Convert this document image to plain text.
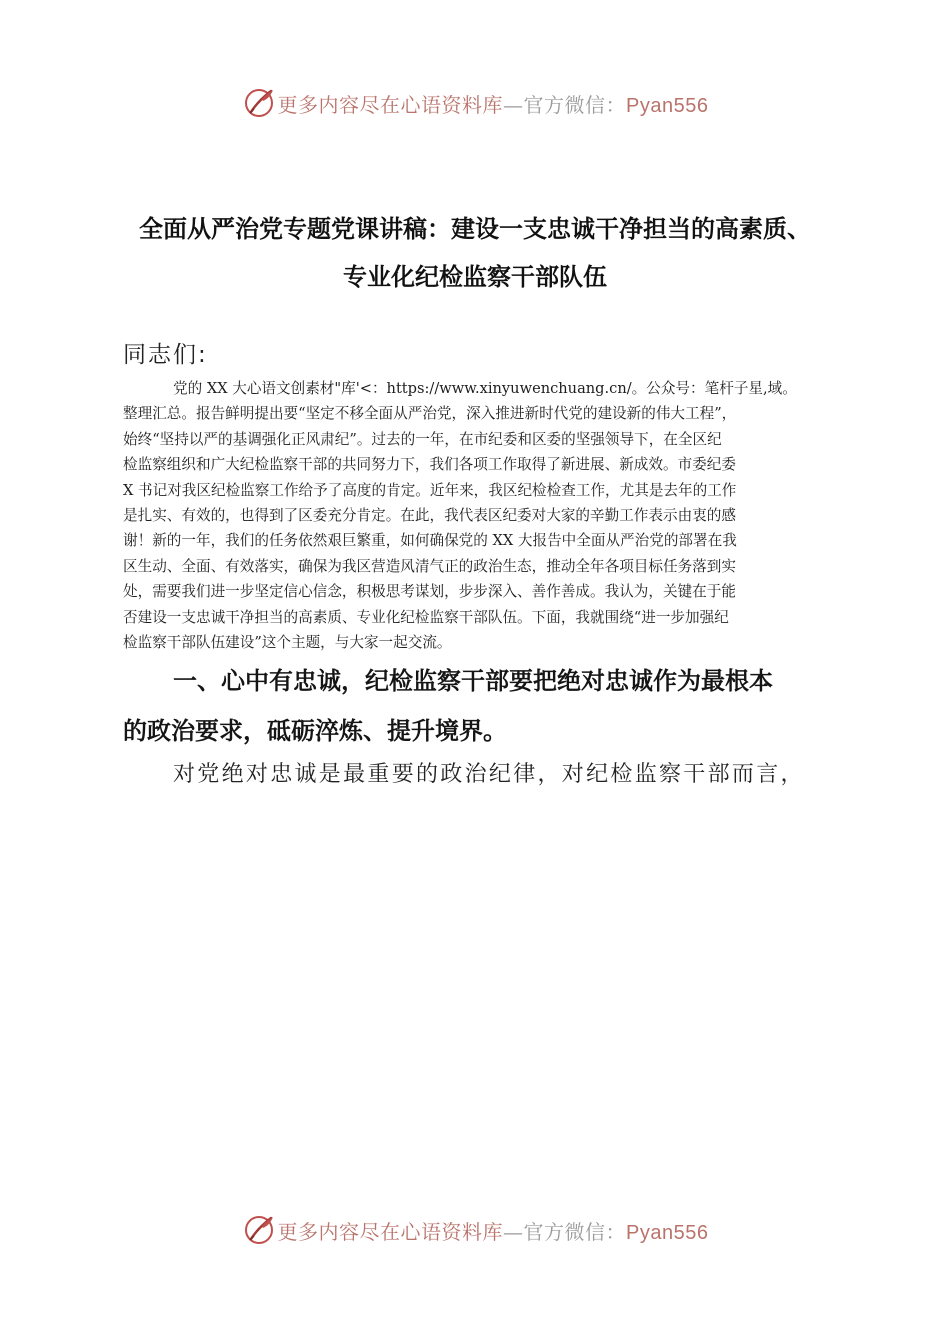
更多内容尽在心语资料库—官方微信：Pyan556
全面从严治党专题党课讲稿：建设一支忠诚干净担当的高素质、
专业化纪检监察干部队伍
同志们:
党的 XX 大心语文创素材"库'<：https://www.xinyuwenchuang.cn/。公众号：笔杆子星,域。
整理汇总。报告鲜明提出要“坚定不移全面从严治党，深入推进新时代党的建设新的伟大工程”，
始终“坚持以严的基调强化正风肃纪”。过去的一年，在市纪委和区委的坚强领导下，在全区纪
检监察组织和广大纪检监察干部的共同努力下，我们各项工作取得了新进展、新成效。市委纪委
X 书记对我区纪检监察工作给予了高度的肯定。近年来，我区纪检检查工作，尤其是去年的工作
是扎实、有效的，也得到了区委充分肯定。在此，我代表区纪委对大家的辛勤工作表示由衷的感
谢！新的一年，我们的任务依然艰巨繁重，如何确保党的 XX 大报告中全面从严治党的部署在我
区生动、全面、有效落实，确保为我区营造风清气正的政治生态，推动全年各项目标任务落到实
处，需要我们进一步坚定信心信念，积极思考谋划，步步深入、善作善成。我认为，关键在于能
否建设一支忠诚干净担当的高素质、专业化纪检监察干部队伍。下面，我就围绕“进一步加强纪
检监察干部队伍建设”这个主题，与大家一起交流。
一、心中有忠诚，纪检监察干部要把绝对忠诚作为最根本
的政治要求，砥砺淬炼、提升境界。
对党绝对忠诚是最重要的政治纪律，对纪检监察干部而言，
更多内容尽在心语资料库—官方微信：Pyan556
